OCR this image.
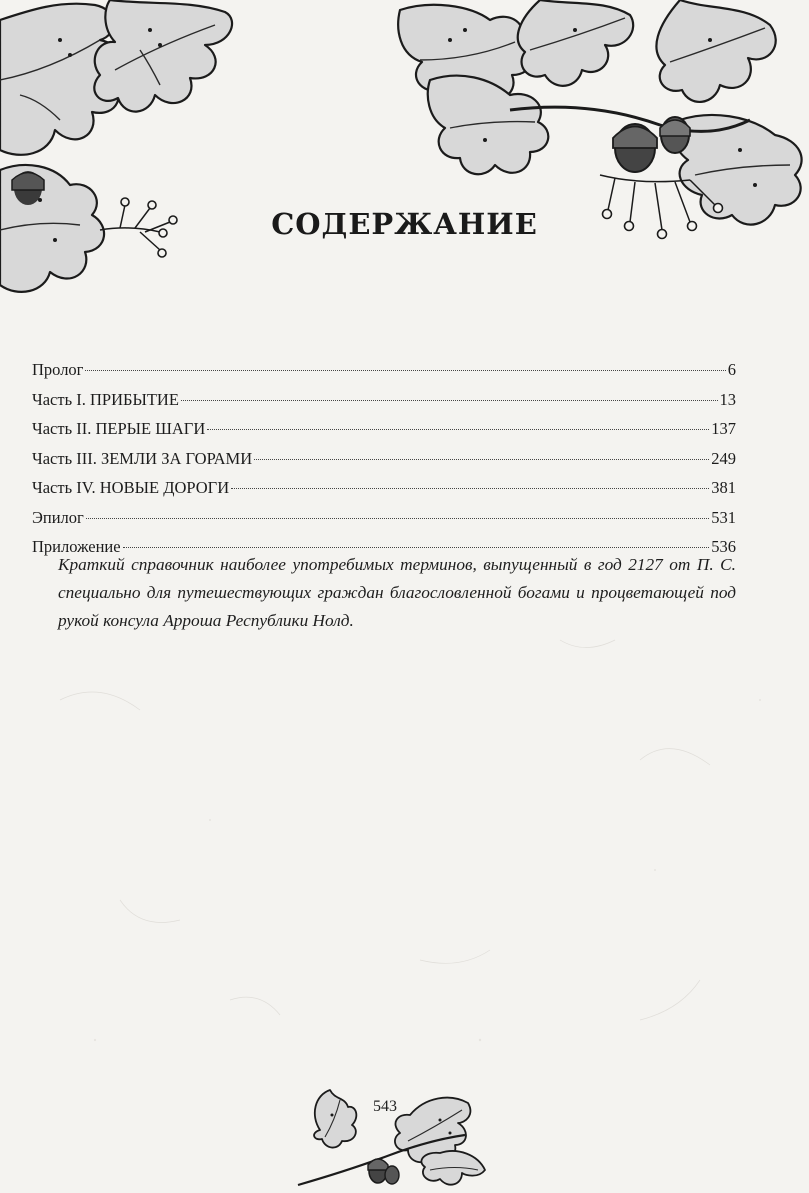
СОДЕРЖАНИЕ
Пролог	6
Часть I. ПРИБЫТИЕ	13
Часть II. ПЕРЫЕ ШАГИ	137
Часть III. ЗЕМЛИ ЗА ГОРАМИ	249
Часть IV. НОВЫЕ ДОРОГИ	381
Эпилог	531
Приложение	536

Краткий справочник наиболее употребимых терминов, выпущенный в год 2127 от П. С. специально для путешествующих граждан благословленной богами и процветающей под рукой консула Арроша Республики Нолд.

543
